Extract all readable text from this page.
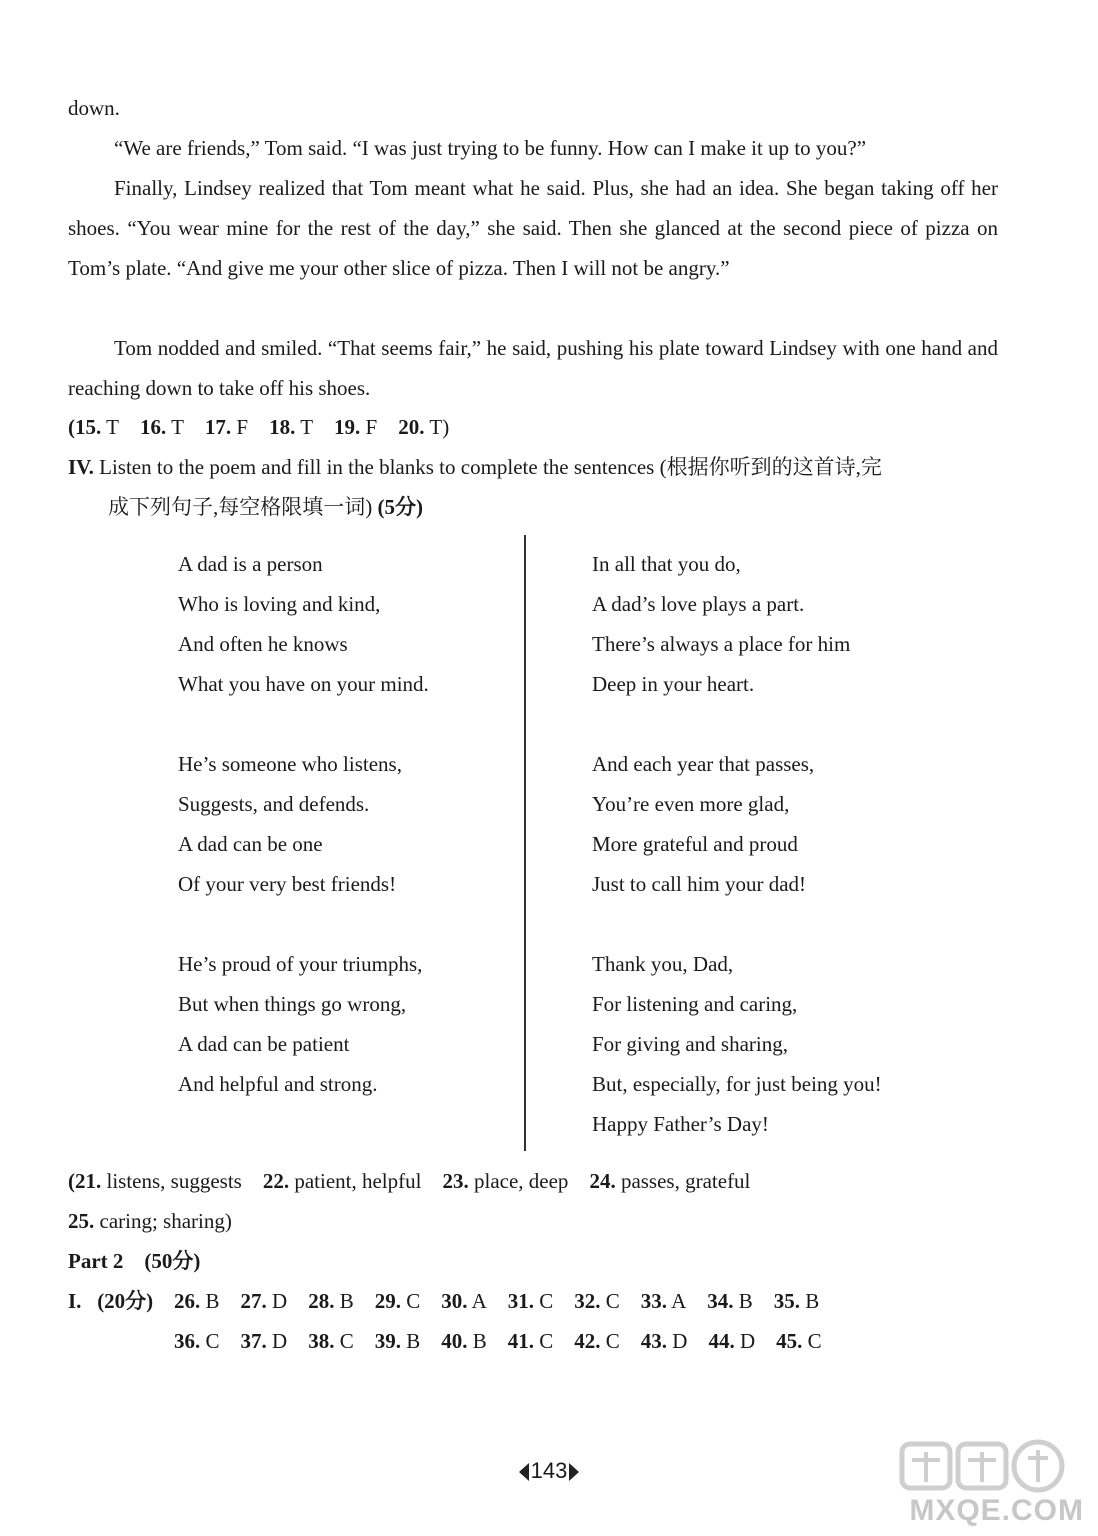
down.
“We are friends,” Tom said. “I was just trying to be funny. How can I make it up to you?”
Finally, Lindsey realized that Tom meant what he said. Plus, she had an idea. She began taking off her shoes. “You wear mine for the rest of the day,” she said. Then she glanced at the second piece of pizza on Tom’s plate. “And give me your other slice of pizza. Then I will not be angry.”
Tom nodded and smiled. “That seems fair,” he said, pushing his plate toward Lindsey with one hand and reaching down to take off his shoes.
(15. T 16. T 17. F 18. T 19. F 20. T)
IV. Listen to the poem and fill in the blanks to complete the sentences (根据你听到的这首诗,完
成下列句子,每空格限填一词) (5分)
A dad is a person
Who is loving and kind,
And often he knows
What you have on your mind.
He’s someone who listens,
Suggests, and defends.
A dad can be one
Of your very best friends!
He’s proud of your triumphs,
But when things go wrong,
A dad can be patient
And helpful and strong.
In all that you do,
A dad’s love plays a part.
There’s always a place for him
Deep in your heart.
And each year that passes,
You’re even more glad,
More grateful and proud
Just to call him your dad!
Thank you, Dad,
For listening and caring,
For giving and sharing,
But, especially, for just being you!
Happy Father’s Day!
(21. listens, suggests 22. patient, helpful 23. place, deep 24. passes, grateful
25. caring; sharing)
Part 2 (50分)
I. (20分) 26. B 27. D 28. B 29. C 30. A 31. C 32. C 33. A 34. B 35. B
36. C 37. D 38. C 39. B 40. B 41. C 42. C 43. D 44. D 45. C
143
MXQE.COM
